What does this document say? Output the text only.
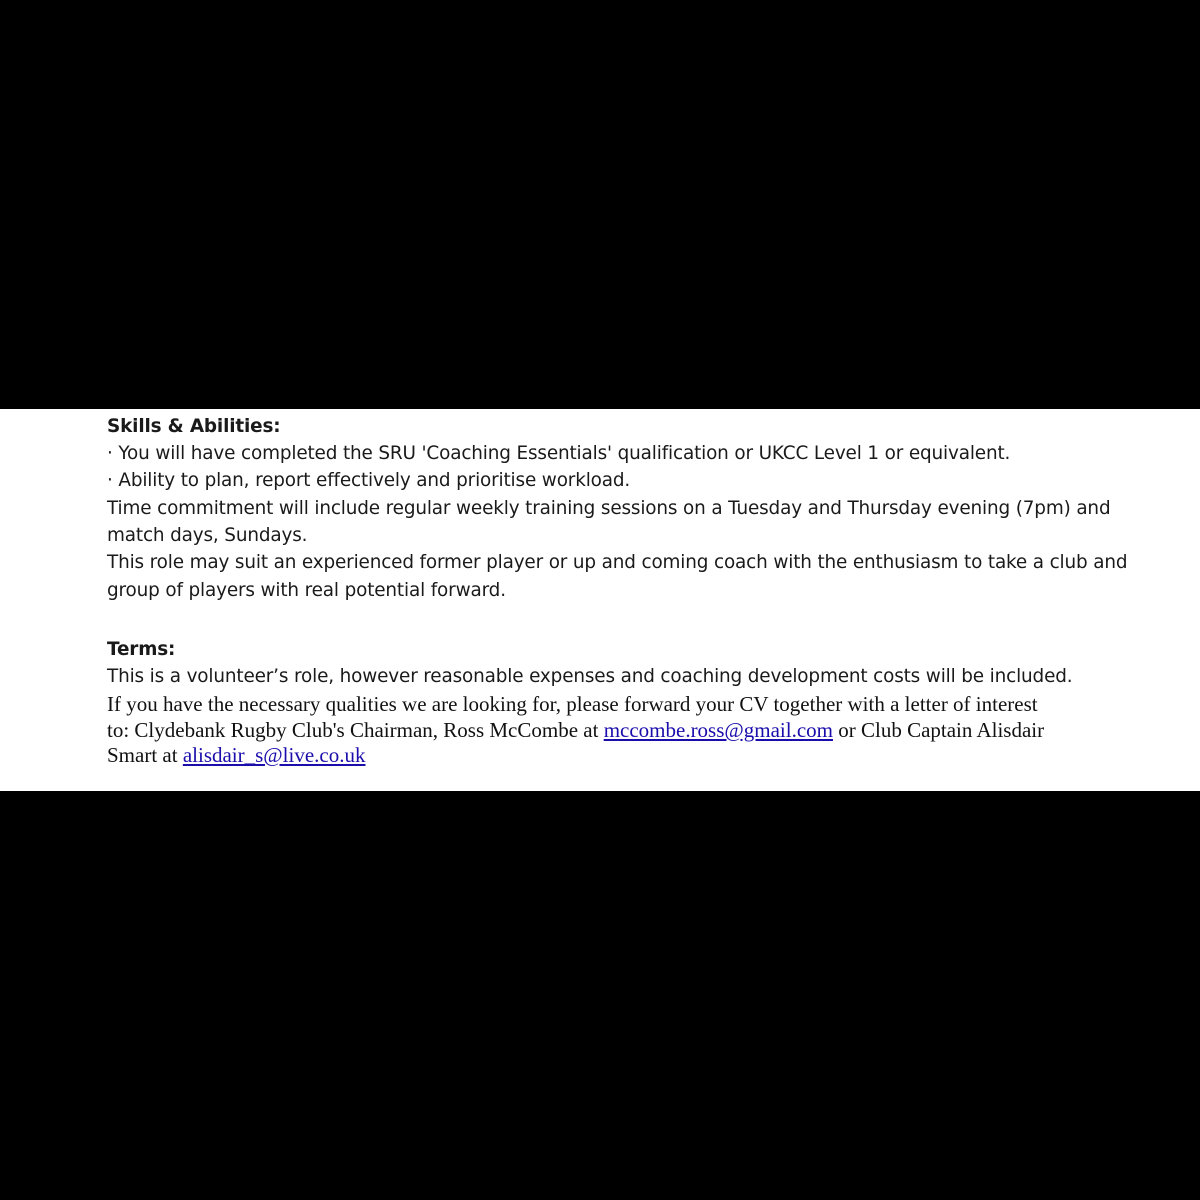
Skills & Abilities:
· You will have completed the SRU 'Coaching Essentials' qualification or UKCC Level 1 or equivalent.
· Ability to plan, report effectively and prioritise workload.
Time commitment will include regular weekly training sessions on a Tuesday and Thursday evening (7pm) and
match days, Sundays.
This role may suit an experienced former player or up and coming coach with the enthusiasm to take a club and
group of players with real potential forward.
Terms:
This is a volunteer’s role, however reasonable expenses and coaching development costs will be included.
If you have the necessary qualities we are looking for, please forward your CV together with a letter of interest
to: Clydebank Rugby Club's Chairman, Ross McCombe at mccombe.ross@gmail.com or Club Captain Alisdair
Smart at alisdair_s@live.co.uk
